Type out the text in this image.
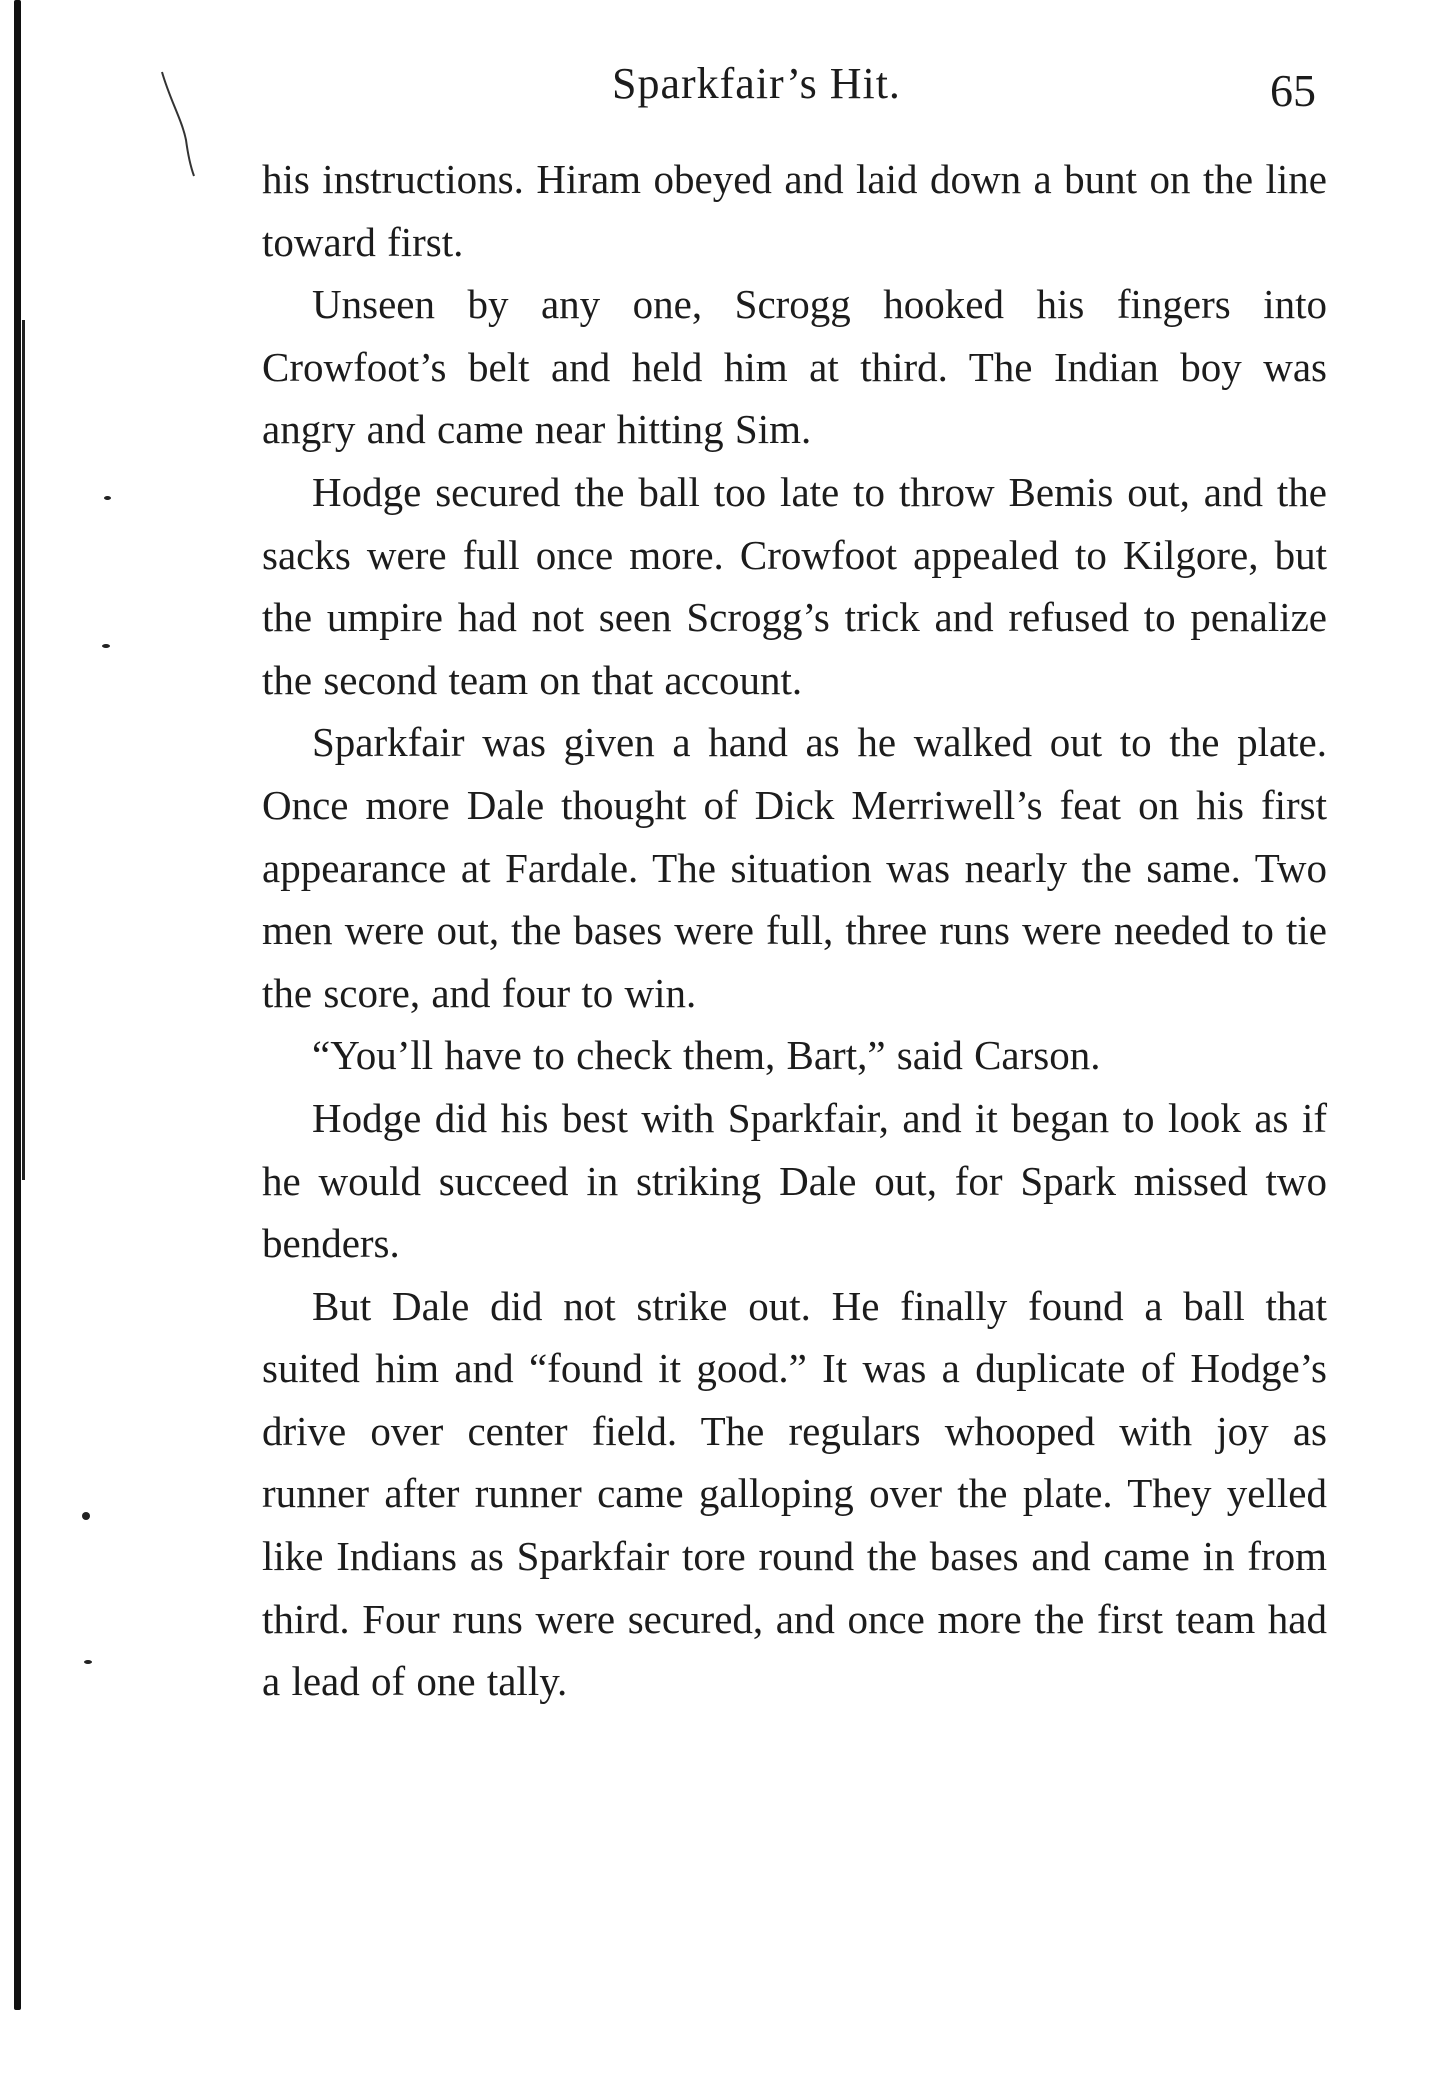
Sparkfair’s Hit.	65

his instructions. Hiram obeyed and laid down a bunt on the line toward first.

Unseen by any one, Scrogg hooked his fingers into Crowfoot’s belt and held him at third. The Indian boy was angry and came near hitting Sim.

Hodge secured the ball too late to throw Bemis out, and the sacks were full once more. Crowfoot appealed to Kilgore, but the umpire had not seen Scrogg’s trick and refused to penalize the second team on that account.

Sparkfair was given a hand as he walked out to the plate. Once more Dale thought of Dick Merriwell’s feat on his first appearance at Fardale. The situation was nearly the same. Two men were out, the bases were full, three runs were needed to tie the score, and four to win.

“You’ll have to check them, Bart,” said Carson.

Hodge did his best with Sparkfair, and it began to look as if he would succeed in striking Dale out, for Spark missed two benders.

But Dale did not strike out. He finally found a ball that suited him and “found it good.” It was a duplicate of Hodge’s drive over center field. The regulars whooped with joy as runner after runner came galloping over the plate. They yelled like Indians as Sparkfair tore round the bases and came in from third. Four runs were secured, and once more the first team had a lead of one tally.
